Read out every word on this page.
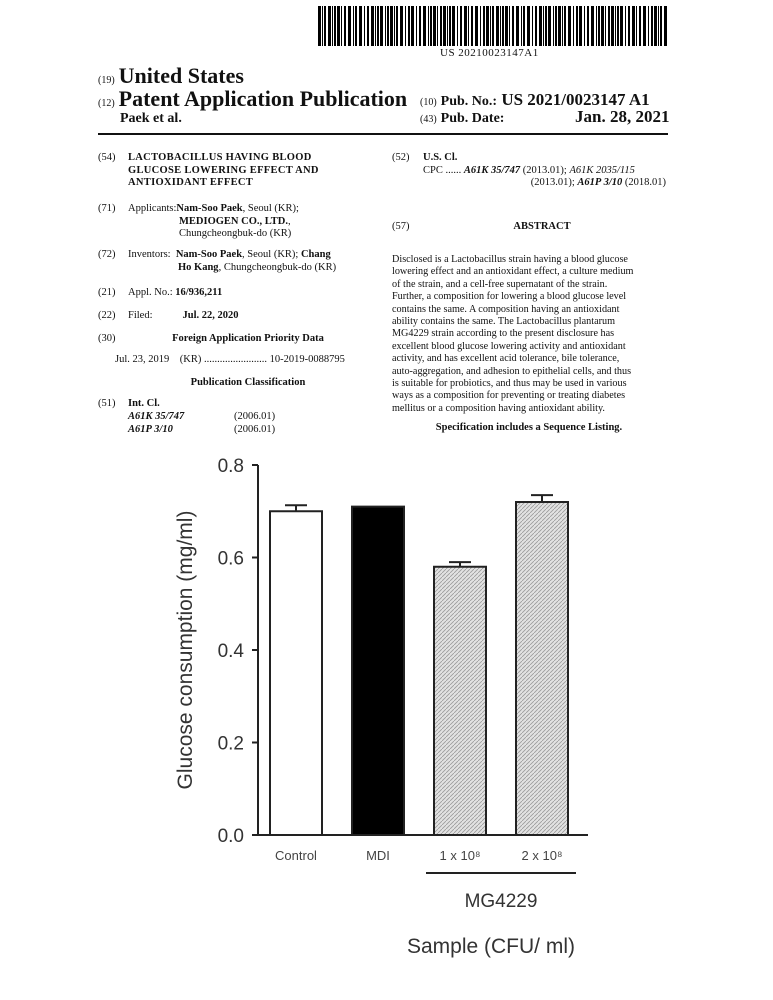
US 20210023147A1
(19) United States
(12) Patent Application Publication
Paek et al.
(10) Pub. No.: US 2021/0023147 A1
(43) Pub. Date:	Jan. 28, 2021
(54) LACTOBACILLUS HAVING BLOOD
GLUCOSE LOWERING EFFECT AND
ANTIOXIDANT EFFECT
(71) Applicants:Nam-Soo Paek, Seoul (KR);
MEDIOGEN CO., LTD.,
Chungcheongbuk-do (KR)
(72) Inventors: Nam-Soo Paek, Seoul (KR); Chang
Ho Kang, Chungcheongbuk-do (KR)
(21) Appl. No.: 16/936,211
(22) Filed:	Jul. 22, 2020
(30)	Foreign Application Priority Data
Jul. 23, 2019 (KR) ........................ 10-2019-0088795
Publication Classification
(51) Int. Cl.
A61K 35/747	(2006.01)
A61P 3/10	(2006.01)
(52) U.S. Cl.
CPC ...... A61K 35/747 (2013.01); A61K 2035/115
(2013.01); A61P 3/10 (2018.01)
(57)	ABSTRACT
Disclosed is a Lactobacillus strain having a blood glucose
lowering effect and an antioxidant effect, a culture medium
of the strain, and a cell-free supernatant of the strain.
Further, a composition for lowering a blood glucose level
contains the same. A composition having an antioxidant
ability contains the same. The Lactobacillus plantarum
MG4229 strain according to the present disclosure has
excellent blood glucose lowering activity and antioxidant
activity, and has excellent acid tolerance, bile tolerance,
auto-aggregation, and adhesion to epithelial cells, and thus
is suitable for probiotics, and thus may be used in various
ways as a composition for preventing or treating diabetes
mellitus or a composition having antioxidant ability.
Specification includes a Sequence Listing.
0.0
0.2
0.4
0.6
0.8
Glucose consumption (mg/ml)
Control	MDI	1 x 10⁸	2 x 10⁸
MG4229
Sample (CFU/ ml)
